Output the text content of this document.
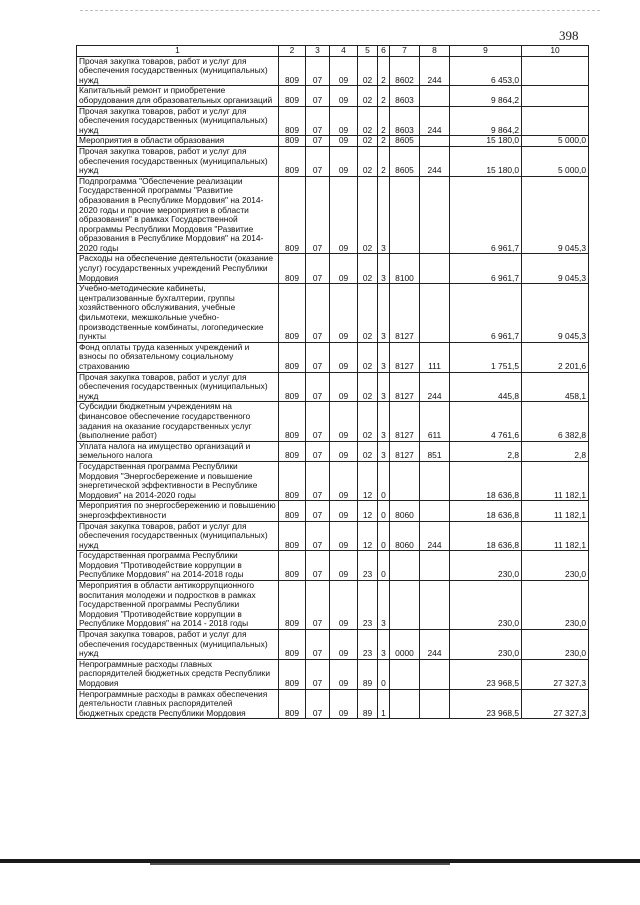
398
1	2	3	4	5	6	7	8	9	10
Прочая закупка товаров, работ и услуг для обеспечения государственных (муниципальных) нужд	809	07	09	02	2	8602	244	6 453,0	
Капитальный ремонт и приобретение оборудования для образовательных организаций	809	07	09	02	2	8603		9 864,2	
Прочая закупка товаров, работ и услуг для обеспечения государственных (муниципальных) нужд	809	07	09	02	2	8603	244	9 864,2	
Мероприятия в области образования	809	07	09	02	2	8605		15 180,0	5 000,0
Прочая закупка товаров, работ и услуг для обеспечения государственных (муниципальных) нужд	809	07	09	02	2	8605	244	15 180,0	5 000,0
Подпрограмма "Обеспечение реализации Государственной программы "Развитие образования в Республике Мордовия" на 2014-2020 годы и прочие мероприятия в области образования" в рамках Государственной программы Республики Мордовия "Развитие образования в Республике Мордовия" на 2014-2020 годы	809	07	09	02	3			6 961,7	9 045,3
Расходы на обеспечение деятельности (оказание услуг) государственных учреждений Республики Мордовия	809	07	09	02	3	8100		6 961,7	9 045,3
Учебно-методические кабинеты, централизованные бухгалтерии, группы хозяйственного обслуживания, учебные фильмотеки, межшкольные учебно-производственные комбинаты, логопедические пункты	809	07	09	02	3	8127		6 961,7	9 045,3
Фонд оплаты труда казенных учреждений и взносы по обязательному социальному страхованию	809	07	09	02	3	8127	111	1 751,5	2 201,6
Прочая закупка товаров, работ и услуг для обеспечения государственных (муниципальных) нужд	809	07	09	02	3	8127	244	445,8	458,1
Субсидии бюджетным учреждениям на финансовое обеспечение государственного задания на оказание государственных услуг (выполнение работ)	809	07	09	02	3	8127	611	4 761,6	6 382,8
Уплата налога на имущество организаций и земельного налога	809	07	09	02	3	8127	851	2,8	2,8
Государственная программа Республики Мордовия "Энергосбережение и повышение энергетической эффективности в Республике Мордовия" на 2014-2020 годы	809	07	09	12	0			18 636,8	11 182,1
Мероприятия по энергосбережению и повышению энергоэффективности	809	07	09	12	0	8060		18 636,8	11 182,1
Прочая закупка товаров, работ и услуг для обеспечения государственных (муниципальных) нужд	809	07	09	12	0	8060	244	18 636,8	11 182,1
Государственная программа Республики Мордовия "Противодействие коррупции в Республике Мордовия" на 2014-2018 годы	809	07	09	23	0			230,0	230,0
Мероприятия в области антикоррупционного воспитания молодежи и подростков в рамках Государственной программы Республики Мордовия "Противодействие коррупции в Республике Мордовия" на 2014 - 2018 годы	809	07	09	23	3			230,0	230,0
Прочая закупка товаров, работ и услуг для обеспечения государственных (муниципальных) нужд	809	07	09	23	3	0000	244	230,0	230,0
Непрограммные расходы главных распорядителей бюджетных средств Республики Мордовия	809	07	09	89	0			23 968,5	27 327,3
Непрограммные расходы в рамках обеспечения деятельности главных распорядителей бюджетных средств Республики Мордовия	809	07	09	89	1			23 968,5	27 327,3
